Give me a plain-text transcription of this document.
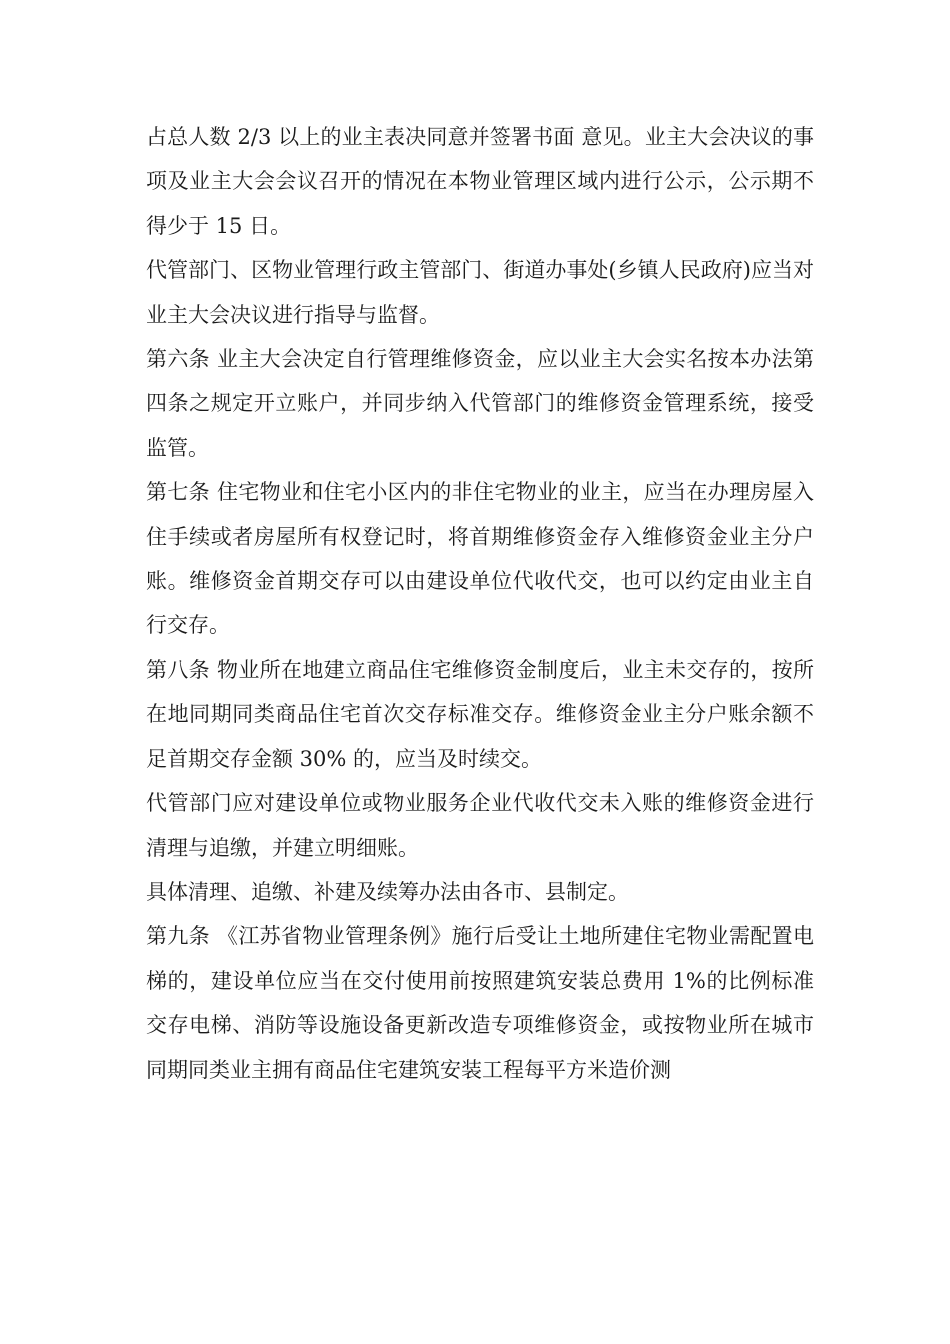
占总人数 2/3 以上的业主表决同意并签署书面 意见。业主大会决议的事项及业主大会会议召开的情况在本物业管理区域内进行公示，公示期不得少于 15 日。

代管部门、区物业管理行政主管部门、街道办事处(乡镇人民政府)应当对业主大会决议进行指导与监督。

第六条 业主大会决定自行管理维修资金，应以业主大会实名按本办法第四条之规定开立账户，并同步纳入代管部门的维修资金管理系统，接受监管。

第七条 住宅物业和住宅小区内的非住宅物业的业主，应当在办理房屋入住手续或者房屋所有权登记时，将首期维修资金存入维修资金业主分户账。维修资金首期交存可以由建设单位代收代交，也可以约定由业主自行交存。

第八条 物业所在地建立商品住宅维修资金制度后，业主未交存的，按所在地同期同类商品住宅首次交存标准交存。维修资金业主分户账余额不足首期交存金额 30% 的，应当及时续交。

代管部门应对建设单位或物业服务企业代收代交未入账的维修资金进行清理与追缴，并建立明细账。

具体清理、追缴、补建及续筹办法由各市、县制定。

第九条 《江苏省物业管理条例》施行后受让土地所建住宅物业需配置电梯的，建设单位应当在交付使用前按照建筑安装总费用 1%的比例标准交存电梯、消防等设施设备更新改造专项维修资金，或按物业所在城市同期同类业主拥有商品住宅建筑安装工程每平方米造价测
